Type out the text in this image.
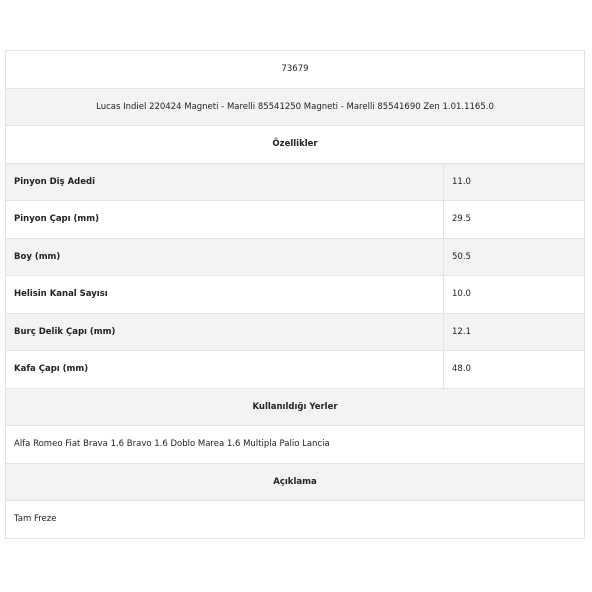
73679	
Lucas Indiel 220424 Magneti - Marelli 85541250 Magneti - Marelli 85541690 Zen 1.01.1165.0	
Özellikler	
Pinyon Diş Adedi	11.0
Pinyon Çapı (mm)	29.5
Boy (mm)	50.5
Helisin Kanal Sayısı	10.0
Burç Delik Çapı (mm)	12.1
Kafa Çapı (mm)	48.0
Kullanıldığı Yerler	
Alfa Romeo Fiat Brava 1.6 Bravo 1.6 Doblo Marea 1.6 Multipla Palio Lancia	
Açıklama	
Tam Freze	
